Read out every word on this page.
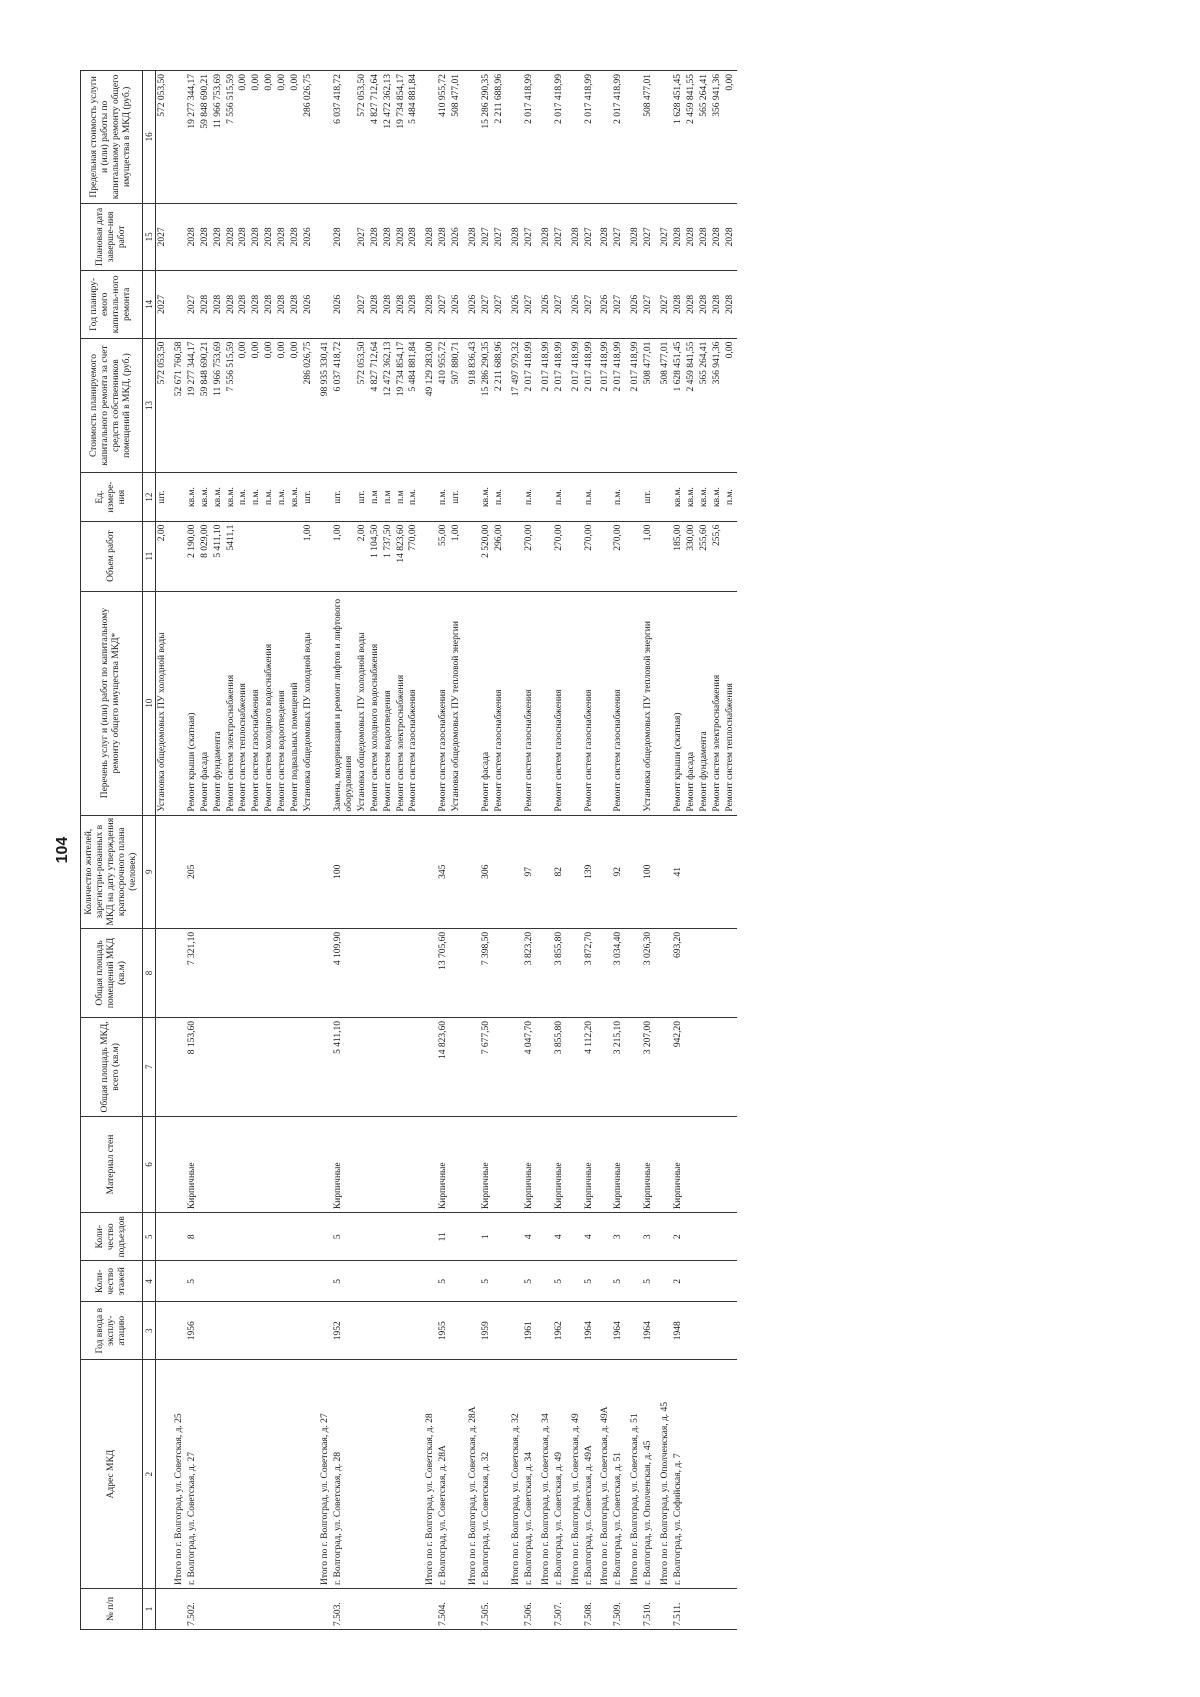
104
№ п/п	Адрес МКД	Год ввода в эксплу-атацию	Коли-чество этажей	Коли-чество подъездов	Материал стен	Общая площадь МКД, всего (кв.м)	Общая площадь помещений МКД (кв.м)	Количество жителей, зарегистри-рованных в МКД на дату утверждения краткосрочного плана (человек)	Перечень услуг и (или) работ по капитальному ремонту общего имущества МКД*	Объем работ	Ед. измере-ния	Стоимость планируемого капитального ремонта за счет средств собственников помещений в МКД, (руб.)	Год планиру-емого капиталь-ного ремонта	Плановая дата заверше-ния работ	Предельная стоимость услуги и (или) работы по капитальному ремонту общего имущества в МКД (руб.)
1	2	3	4	5	6	7	8	9	10	11	12	13	14	15	16
									Установка общедомовых ПУ холодной воды	2,00	шт.	572 053,50	2027	2027	572 053,50
	Итого по г. Волгоград, ул. Советская, д. 25											52 671 760,58			
7.502.	г. Волгоград, ул. Советская, д. 27	1956	5	8	Кирпичные	8 153,60	7 321,10	205	Ремонт крыши (скатная)	2 190,00	кв.м.	19 277 344,17	2027	2028	19 277 344,17
									Ремонт фасада	8 029,00	кв.м.	59 848 690,21	2028	2028	59 848 690,21
									Ремонт фундамента	5 411,10	кв.м.	11 966 753,69	2028	2028	11 966 753,69
									Ремонт систем электроснабжения	5411,1	кв.м.	7 556 515,59	2028	2028	7 556 515,59
									Ремонт систем теплоснабжения		п.м.	0,00	2028	2028	0,00
									Ремонт систем газоснабжения		п.м.	0,00	2028	2028	0,00
									Ремонт систем холодного водоснабжения		п.м.	0,00	2028	2028	0,00
									Ремонт систем водоотведения		п.м.	0,00	2028	2028	0,00
									Ремонт подвальных помещений		кв.м.	0,00	2028	2028	0,00
									Установка общедомовых ПУ холодной воды	1,00	шт.	286 026,75	2026	2026	286 026,75
	Итого по г. Волгоград, ул. Советская, д. 27											98 935 330,41			
7.503.	г. Волгоград, ул. Советская, д. 28	1952	5	5	Кирпичные	5 411,10	4 109,90	100	Замена, модернизация и ремонт лифтов и лифтового оборудования	1,00	шт.	6 037 418,72	2026	2028	6 037 418,72
									Установка общедомовых ПУ холодной воды	2,00	шт.	572 053,50	2027	2027	572 053,50
									Ремонт систем холодного водоснабжения	1 104,50	п.м	4 827 712,64	2028	2028	4 827 712,64
									Ремонт систем водоотведения	1 737,50	п.м	12 472 362,13	2028	2028	12 472 362,13
									Ремонт систем электроснабжения	14 823,60	п.м	19 734 854,17	2028	2028	19 734 854,17
									Ремонт систем газоснабжения	770,00	п.м.	5 484 881,84	2028	2028	5 484 881,84
	Итого по г. Волгоград, ул. Советская, д. 28											49 129 283,00	2028	2028	
7.504.	г. Волгоград, ул. Советская, д. 28А	1955	5	11	Кирпичные	14 823,60	13 705,60	345	Ремонт систем газоснабжения	55,00	п.м.	410 955,72	2027	2028	410 955,72
									Установка общедомовых ПУ тепловой энергии	1,00	шт.	507 880,71	2026	2026	508 477,01
	Итого по г. Волгоград, ул. Советская, д. 28А											918 836,43	2026	2028	
7.505.	г. Волгоград, ул. Советская, д. 32	1959	5	1	Кирпичные	7 677,50	7 398,50	306	Ремонт фасада	2 520,00	кв.м.	15 286 290,35	2027	2027	15 286 290,35
									Ремонт систем газоснабжения	296,00	п.м.	2 211 688,96	2027	2027	2 211 688,96
	Итого по г. Волгоград, ул. Советская, д. 32											17 497 979,32	2026	2028	
7.506.	г. Волгоград, ул. Советская, д. 34	1961	5	4	Кирпичные	4 047,70	3 823,20	97	Ремонт систем газоснабжения	270,00	п.м.	2 017 418,99	2027	2027	2 017 418,99
	Итого по г. Волгоград, ул. Советская, д. 34											2 017 418,99	2026	2028	
7.507.	г. Волгоград, ул. Советская, д. 49	1962	5	4	Кирпичные	3 855,80	3 855,80	82	Ремонт систем газоснабжения	270,00	п.м.	2 017 418,99	2027	2027	2 017 418,99
	Итого по г. Волгоград, ул. Советская, д. 49											2 017 418,99	2026	2028	
7.508.	г. Волгоград, ул. Советская, д. 49А	1964	5	4	Кирпичные	4 112,20	3 872,70	139	Ремонт систем газоснабжения	270,00	п.м.	2 017 418,99	2027	2027	2 017 418,99
	Итого по г. Волгоград, ул. Советская, д. 49А											2 017 418,99	2026	2028	
7.509.	г. Волгоград, ул. Советская, д. 51	1964	5	3	Кирпичные	3 215,10	3 034,40	92	Ремонт систем газоснабжения	270,00	п.м.	2 017 418,99	2027	2027	2 017 418,99
	Итого по г. Волгоград, ул. Советская, д. 51											2 017 418,99	2026	2028	
7.510.	г. Волгоград, ул. Ополченская, д. 45	1964	5	3	Кирпичные	3 207,00	3 026,30	100	Установка общедомовых ПУ тепловой энергии	1,00	шт.	508 477,01	2027	2027	508 477,01
	Итого по г. Волгоград, ул. Ополченская, д. 45											508 477,01	2027	2027	
7.511.	г. Волгоград, ул. Софийская, д. 7	1948	2	2	Кирпичные	942,20	693,20	41	Ремонт крыши (скатная)	185,00	кв.м.	1 628 451,45	2028	2028	1 628 451,45
									Ремонт фасада	330,00	кв.м.	2 459 841,55	2028	2028	2 459 841,55
									Ремонт фундамента	255,60	кв.м.	565 264,41	2028	2028	565 264,41
									Ремонт систем электроснабжения	255,6	кв.м.	356 941,36	2028	2028	356 941,36
									Ремонт систем теплоснабжения		п.м.	0,00	2028	2028	0,00
